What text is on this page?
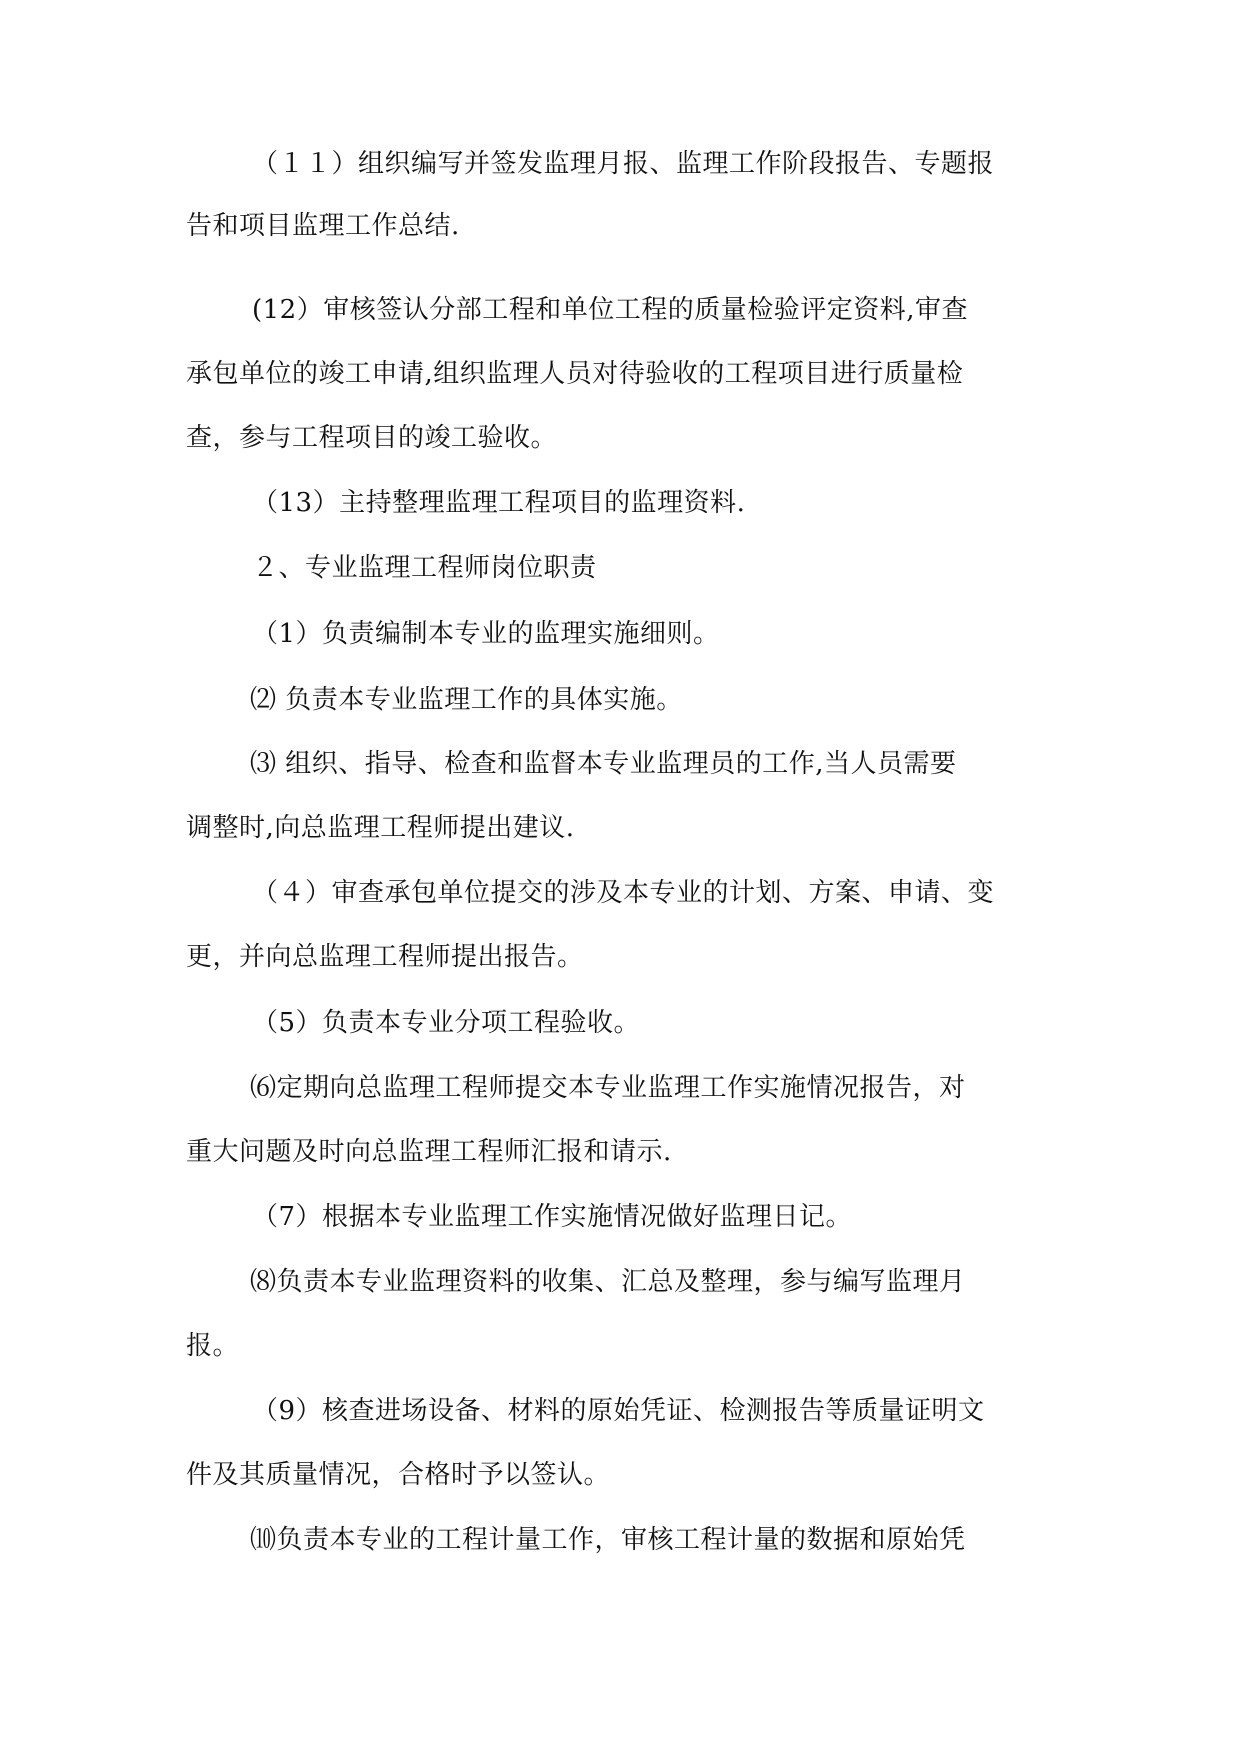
（１１）组织编写并签发监理月报、监理工作阶段报告、专题报
告和项目监理工作总结.
(12）审核签认分部工程和单位工程的质量检验评定资料,审查
承包单位的竣工申请,组织监理人员对待验收的工程项目进行质量检
查，参与工程项目的竣工验收。
（13）主持整理监理工程项目的监理资料.
２、专业监理工程师岗位职责
（1）负责编制本专业的监理实施细则。
⑵ 负责本专业监理工作的具体实施。
⑶ 组织、指导、检查和监督本专业监理员的工作,当人员需要
调整时,向总监理工程师提出建议.
（４）审查承包单位提交的涉及本专业的计划、方案、申请、变
更，并向总监理工程师提出报告。
（5）负责本专业分项工程验收。
⑹定期向总监理工程师提交本专业监理工作实施情况报告，对
重大问题及时向总监理工程师汇报和请示.
（7）根据本专业监理工作实施情况做好监理日记。
⑻负责本专业监理资料的收集、汇总及整理，参与编写监理月
报。
（9）核查进场设备、材料的原始凭证、检测报告等质量证明文
件及其质量情况，合格时予以签认。
⑽负责本专业的工程计量工作，审核工程计量的数据和原始凭
